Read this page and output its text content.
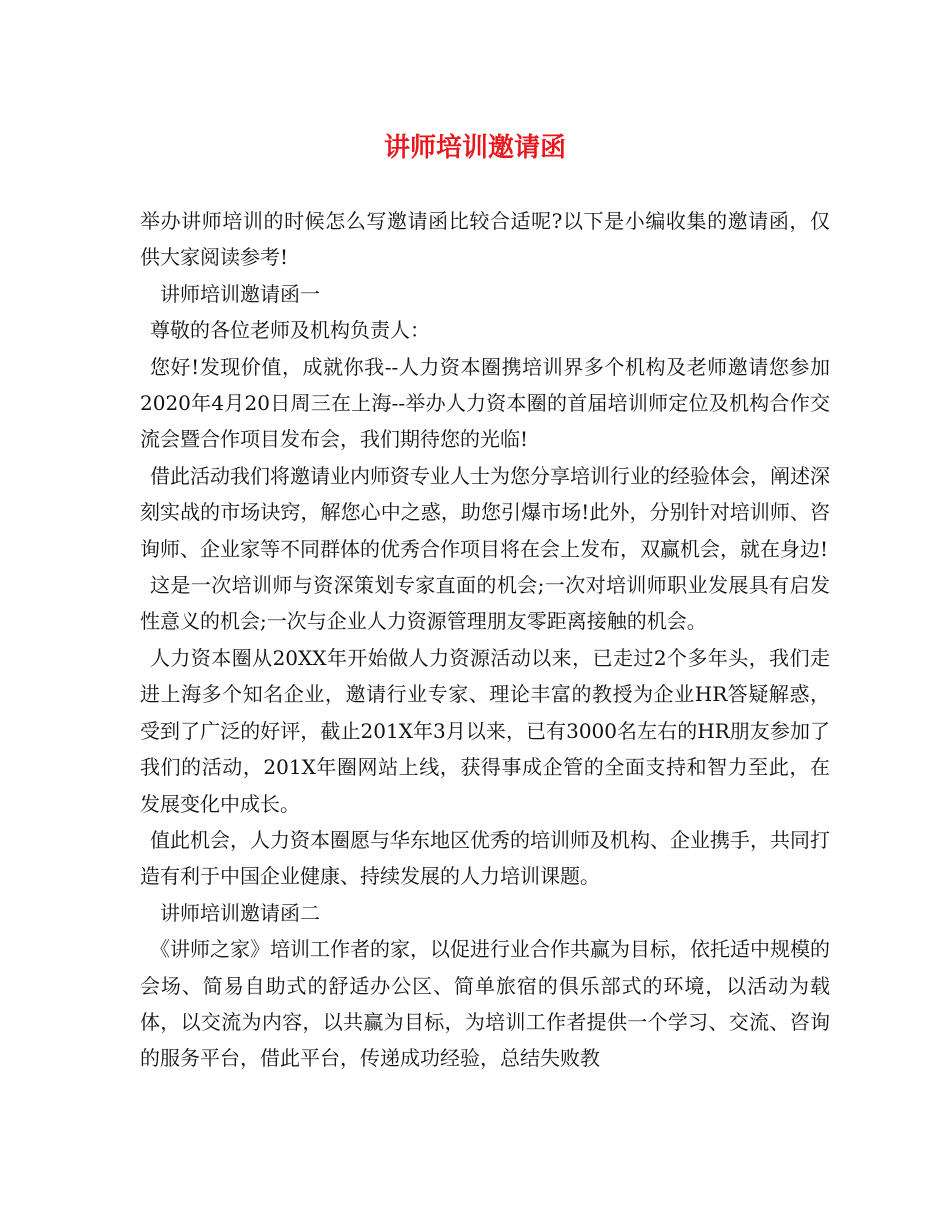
讲师培训邀请函

举办讲师培训的时候怎么写邀请函比较合适呢?以下是小编收集的邀请函，仅供大家阅读参考!

讲师培训邀请函一

尊敬的各位老师及机构负责人：

您好!发现价值，成就你我--人力资本圈携培训界多个机构及老师邀请您参加2020年4月20日周三在上海--举办人力资本圈的首届培训师定位及机构合作交流会暨合作项目发布会，我们期待您的光临!

借此活动我们将邀请业内师资专业人士为您分享培训行业的经验体会，阐述深刻实战的市场诀窍，解您心中之惑，助您引爆市场!此外，分别针对培训师、咨询师、企业家等不同群体的优秀合作项目将在会上发布，双赢机会，就在身边!

这是一次培训师与资深策划专家直面的机会;一次对培训师职业发展具有启发性意义的机会;一次与企业人力资源管理朋友零距离接触的机会。

人力资本圈从20XX年开始做人力资源活动以来，已走过2个多年头，我们走进上海多个知名企业，邀请行业专家、理论丰富的教授为企业HR答疑解惑，受到了广泛的好评，截止201X年3月以来，已有3000名左右的HR朋友参加了我们的活动，201X年圈网站上线，获得事成企管的全面支持和智力至此，在发展变化中成长。

值此机会，人力资本圈愿与华东地区优秀的培训师及机构、企业携手，共同打造有利于中国企业健康、持续发展的人力培训课题。

讲师培训邀请函二

《讲师之家》培训工作者的家，以促进行业合作共赢为目标，依托适中规模的会场、简易自助式的舒适办公区、简单旅宿的俱乐部式的环境，以活动为载体，以交流为内容，以共赢为目标，为培训工作者提供一个学习、交流、咨询的服务平台，借此平台，传递成功经验，总结失败教
